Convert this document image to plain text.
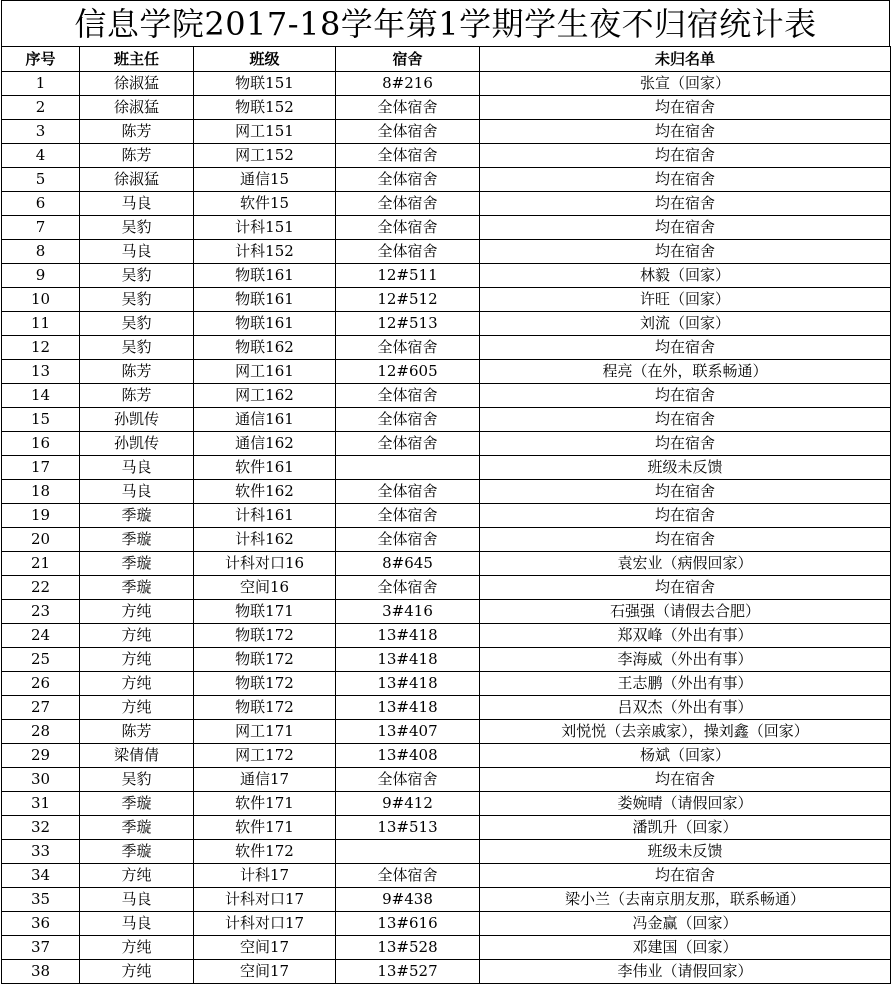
信息学院2017-18学年第1学期学生夜不归宿统计表
序号	班主任	班级	宿舍	未归名单
1	徐淑猛	物联151	8#216	张宣（回家）
2	徐淑猛	物联152	全体宿舍	均在宿舍
3	陈芳	网工151	全体宿舍	均在宿舍
4	陈芳	网工152	全体宿舍	均在宿舍
5	徐淑猛	通信15	全体宿舍	均在宿舍
6	马良	软件15	全体宿舍	均在宿舍
7	吴豹	计科151	全体宿舍	均在宿舍
8	马良	计科152	全体宿舍	均在宿舍
9	吴豹	物联161	12#511	林毅（回家）
10	吴豹	物联161	12#512	许旺（回家）
11	吴豹	物联161	12#513	刘流（回家）
12	吴豹	物联162	全体宿舍	均在宿舍
13	陈芳	网工161	12#605	程亮（在外，联系畅通）
14	陈芳	网工162	全体宿舍	均在宿舍
15	孙凯传	通信161	全体宿舍	均在宿舍
16	孙凯传	通信162	全体宿舍	均在宿舍
17	马良	软件161		班级未反馈
18	马良	软件162	全体宿舍	均在宿舍
19	季璇	计科161	全体宿舍	均在宿舍
20	季璇	计科162	全体宿舍	均在宿舍
21	季璇	计科对口16	8#645	袁宏业（病假回家）
22	季璇	空间16	全体宿舍	均在宿舍
23	方纯	物联171	3#416	石强强（请假去合肥）
24	方纯	物联172	13#418	郑双峰（外出有事）
25	方纯	物联172	13#418	李海威（外出有事）
26	方纯	物联172	13#418	王志鹏（外出有事）
27	方纯	物联172	13#418	吕双杰（外出有事）
28	陈芳	网工171	13#407	刘悦悦（去亲戚家），操刘鑫（回家）
29	梁倩倩	网工172	13#408	杨斌（回家）
30	吴豹	通信17	全体宿舍	均在宿舍
31	季璇	软件171	9#412	娄婉晴（请假回家）
32	季璇	软件171	13#513	潘凯升（回家）
33	季璇	软件172		班级未反馈
34	方纯	计科17	全体宿舍	均在宿舍
35	马良	计科对口17	9#438	梁小兰（去南京朋友那，联系畅通）
36	马良	计科对口17	13#616	冯金赢（回家）
37	方纯	空间17	13#528	邓建国（回家）
38	方纯	空间17	13#527	李伟业（请假回家）
